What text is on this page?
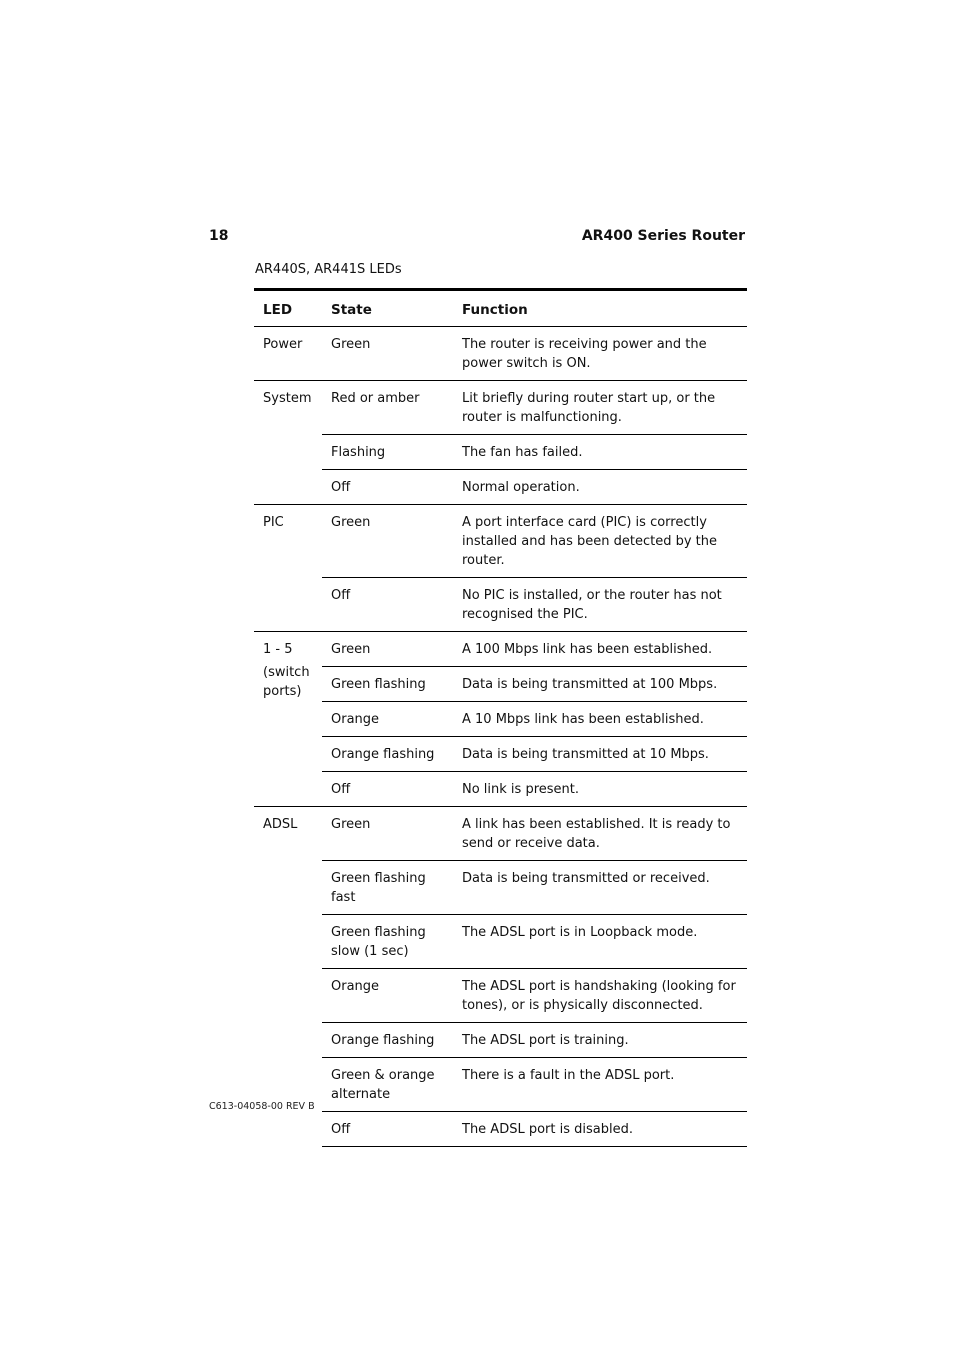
18	AR400 Series Router
AR440S, AR441S LEDs
LED	State	Function
Power	Green	The router is receiving power and the power switch is ON.
System	Red or amber	Lit briefly during router start up, or the router is malfunctioning.
	Flashing	The fan has failed.
	Off	Normal operation.
PIC	Green	A port interface card (PIC) is correctly installed and has been detected by the router.
	Off	No PIC is installed, or the router has not recognised the PIC.
1 - 5
(switch ports)	Green	A 100 Mbps link has been established.
	Green flashing	Data is being transmitted at 100 Mbps.
	Orange	A 10 Mbps link has been established.
	Orange flashing	Data is being transmitted at 10 Mbps.
	Off	No link is present.
ADSL	Green	A link has been established. It is ready to send or receive data.
	Green flashing fast	Data is being transmitted or received.
	Green flashing slow (1 sec)	The ADSL port is in Loopback mode.
	Orange	The ADSL port is handshaking (looking for tones), or is physically disconnected.
	Orange flashing	The ADSL port is training.
	Green & orange alternate	There is a fault in the ADSL port.
	Off	The ADSL port is disabled.
C613-04058-00 REV B
